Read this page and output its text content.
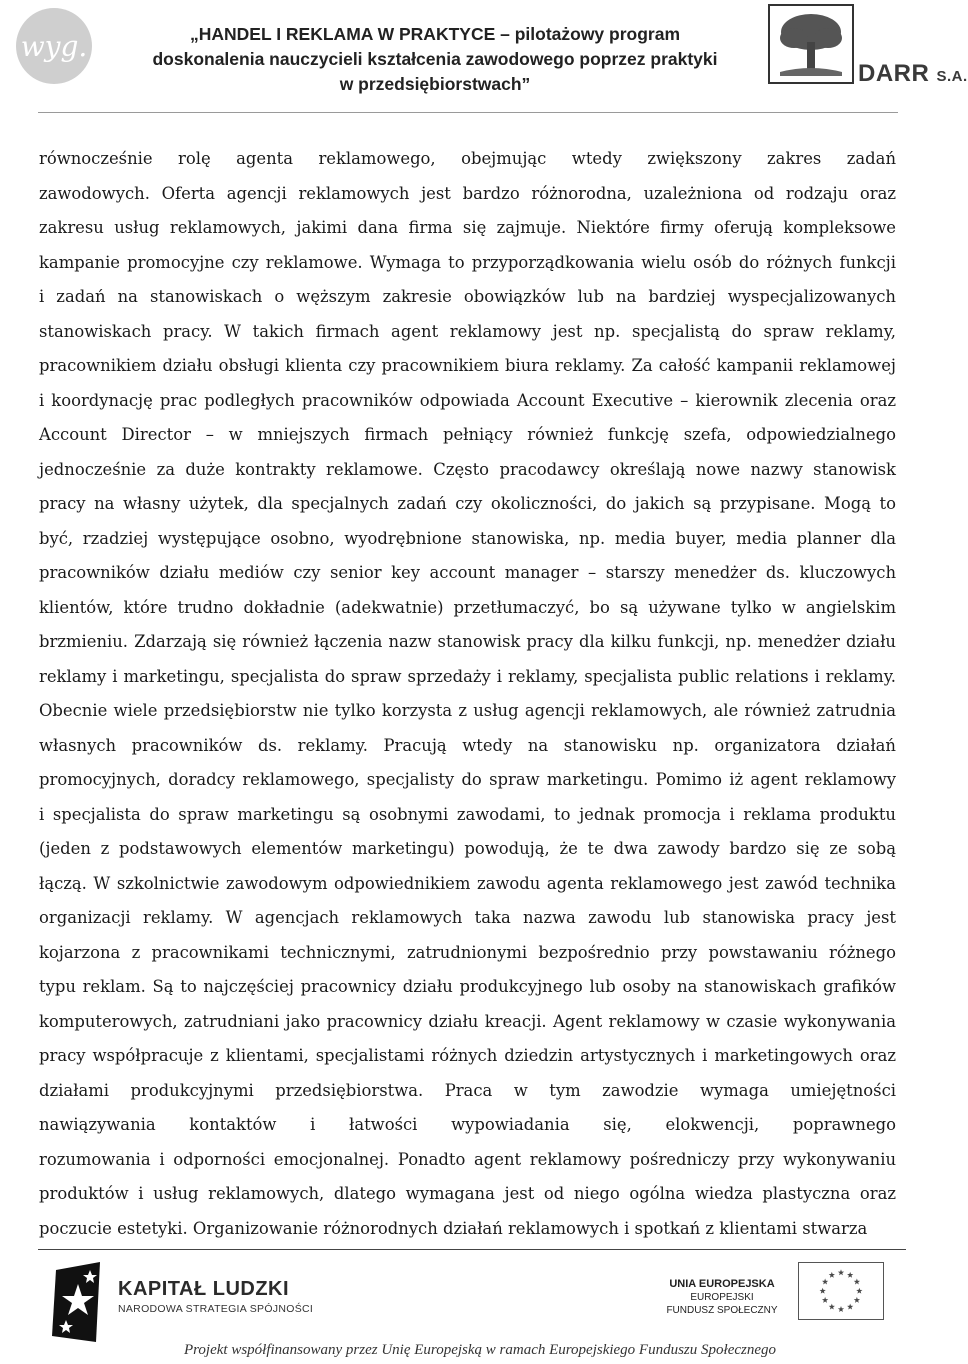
wyg.	„HANDEL I REKLAMA W PRAKTYCE – pilotażowy program
doskonalenia nauczycieli kształcenia zawodowego poprzez praktyki
w przedsiębiorstwach”	DARR S.A.
równocześnie rolę agenta reklamowego, obejmując wtedy zwiększony zakres zadań
zawodowych. Oferta agencji reklamowych jest bardzo różnorodna, uzależniona od rodzaju oraz
zakresu usług reklamowych, jakimi dana firma się zajmuje. Niektóre firmy oferują kompleksowe
kampanie promocyjne czy reklamowe. Wymaga to przyporządkowania wielu osób do różnych funkcji
i zadań na stanowiskach o węższym zakresie obowiązków lub na bardziej wyspecjalizowanych
stanowiskach pracy. W takich firmach agent reklamowy jest np. specjalistą do spraw reklamy,
pracownikiem działu obsługi klienta czy pracownikiem biura reklamy. Za całość kampanii reklamowej
i koordynację prac podległych pracowników odpowiada Account Executive – kierownik zlecenia oraz
Account Director – w mniejszych firmach pełniący również funkcję szefa, odpowiedzialnego
jednocześnie za duże kontrakty reklamowe. Często pracodawcy określają nowe nazwy stanowisk
pracy na własny użytek, dla specjalnych zadań czy okoliczności, do jakich są przypisane. Mogą to
być, rzadziej występujące osobno, wyodrębnione stanowiska, np. media buyer, media planner dla
pracowników działu mediów czy senior key account manager – starszy menedżer ds. kluczowych
klientów, które trudno dokładnie (adekwatnie) przetłumaczyć, bo są używane tylko w angielskim
brzmieniu. Zdarzają się również łączenia nazw stanowisk pracy dla kilku funkcji, np. menedżer działu
reklamy i marketingu, specjalista do spraw sprzedaży i reklamy, specjalista public relations i reklamy.
Obecnie wiele przedsiębiorstw nie tylko korzysta z usług agencji reklamowych, ale również zatrudnia
własnych pracowników ds. reklamy. Pracują wtedy na stanowisku np. organizatora działań
promocyjnych, doradcy reklamowego, specjalisty do spraw marketingu. Pomimo iż agent reklamowy
i specjalista do spraw marketingu są osobnymi zawodami, to jednak promocja i reklama produktu
(jeden z podstawowych elementów marketingu) powodują, że te dwa zawody bardzo się ze sobą
łączą. W szkolnictwie zawodowym odpowiednikiem zawodu agenta reklamowego jest zawód technika
organizacji reklamy. W agencjach reklamowych taka nazwa zawodu lub stanowiska pracy jest
kojarzona z pracownikami technicznymi, zatrudnionymi bezpośrednio przy powstawaniu różnego
typu reklam. Są to najczęściej pracownicy działu produkcyjnego lub osoby na stanowiskach grafików
komputerowych, zatrudniani jako pracownicy działu kreacji. Agent reklamowy w czasie wykonywania
pracy współpracuje z klientami, specjalistami różnych dziedzin artystycznych i marketingowych oraz
działami produkcyjnymi przedsiębiorstwa. Praca w tym zawodzie wymaga umiejętności
nawiązywania kontaktów i łatwości wypowiadania się, elokwencji, poprawnego
rozumowania i odporności emocjonalnej. Ponadto agent reklamowy pośredniczy przy wykonywaniu
produktów i usług reklamowych, dlatego wymagana jest od niego ogólna wiedza plastyczna oraz
poczucie estetyki. Organizowanie różnorodnych działań reklamowych i spotkań z klientami stwarza
KAPITAŁ LUDZKI
NARODOWA STRATEGIA SPÓJNOŚCI
UNIA EUROPEJSKA
EUROPEJSKI
FUNDUSZ SPOŁECZNY
Projekt współfinansowany przez Unię Europejską w ramach Europejskiego Funduszu Społecznego
